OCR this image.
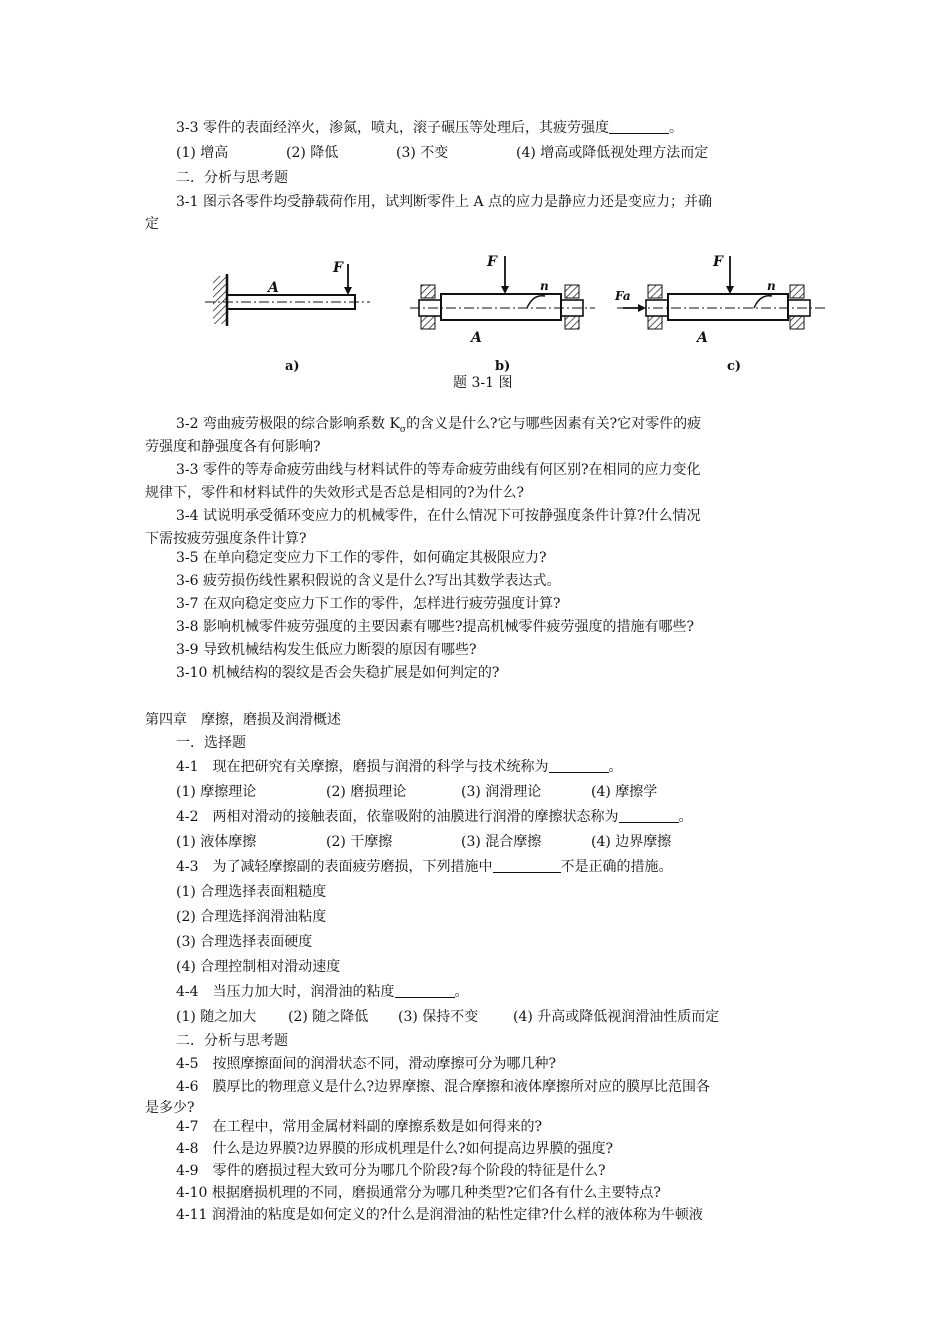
3-3 零件的表面经淬火，渗氮，喷丸，滚子碾压等处理后，其疲劳强度	。
(1) 增高	(2) 降低	(3) 不变	(4) 增高或降低视处理方法而定
二．分析与思考题
3-1 图示各零件均受静载荷作用，试判断零件上 A 点的应力是静应力还是变应力；并确
定
F
A
F
n
A
Fa
F
n
A
a)	b)	c)
题 3-1 图
3-2 弯曲疲劳极限的综合影响系数 $K_\sigma$的含义是什么?它与哪些因素有关?它对零件的疲
劳强度和静强度各有何影响?
3-3 零件的等寿命疲劳曲线与材料试件的等寿命疲劳曲线有何区别?在相同的应力变化
规律下，零件和材料试件的失效形式是否总是相同的?为什么?
3-4 试说明承受循环变应力的机械零件，在什么情况下可按静强度条件计算?什么情况
下需按疲劳强度条件计算?
3-5 在单向稳定变应力下工作的零件，如何确定其极限应力?
3-6 疲劳损伤线性累积假说的含义是什么?写出其数学表达式。
3-7 在双向稳定变应力下工作的零件，怎样进行疲劳强度计算?
3-8 影响机械零件疲劳强度的主要因素有哪些?提高机械零件疲劳强度的措施有哪些?
3-9 导致机械结构发生低应力断裂的原因有哪些?
3-10 机械结构的裂纹是否会失稳扩展是如何判定的?
第四章　摩擦，磨损及润滑概述
一．选择题
4-1　现在把研究有关摩擦，磨损与润滑的科学与技术统称为	。
(1) 摩擦理论	(2) 磨损理论	(3) 润滑理论	(4) 摩擦学
4-2　两相对滑动的接触表面，依靠吸附的油膜进行润滑的摩擦状态称为	。
(1) 液体摩擦	(2) 干摩擦	(3) 混合摩擦	(4) 边界摩擦
4-3　为了减轻摩擦副的表面疲劳磨损，下列措施中	不是正确的措施。
(1) 合理选择表面粗糙度
(2) 合理选择润滑油粘度
(3) 合理选择表面硬度
(4) 合理控制相对滑动速度
4-4　当压力加大时，润滑油的粘度	。
(1) 随之加大 (2) 随之降低 (3) 保持不变 (4) 升高或降低视润滑油性质而定
二．分析与思考题
4-5　按照摩擦面间的润滑状态不同，滑动摩擦可分为哪几种?
4-6　膜厚比的物理意义是什么?边界摩擦、混合摩擦和液体摩擦所对应的膜厚比范围各
是多少?
4-7　在工程中，常用金属材料副的摩擦系数是如何得来的?
4-8　什么是边界膜?边界膜的形成机理是什么?如何提高边界膜的强度?
4-9　零件的磨损过程大致可分为哪几个阶段?每个阶段的特征是什么?
4-10 根据磨损机理的不同，磨损通常分为哪几种类型?它们各有什么主要特点?
4-11 润滑油的粘度是如何定义的?什么是润滑油的粘性定律?什么样的液体称为牛顿液
